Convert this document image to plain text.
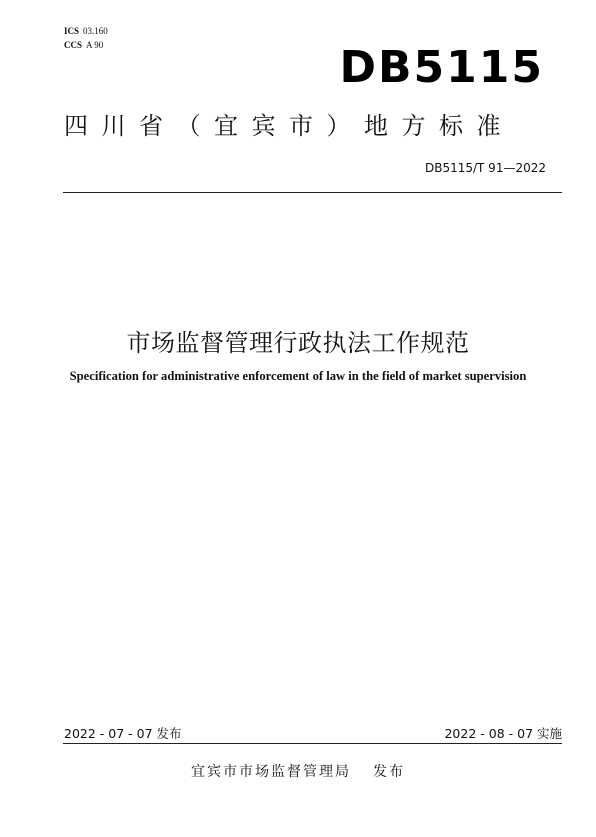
ICS 03.160
CCS A 90	DB5115
四川省（宜宾市）地方标准
DB5115/T 91—2022
市场监督管理行政执法工作规范
Specification for administrative enforcement of law in the field of market supervision
2022 - 07 - 07 发布	2022 - 08 - 07 实施
宜宾市市场监督管理局 发布
